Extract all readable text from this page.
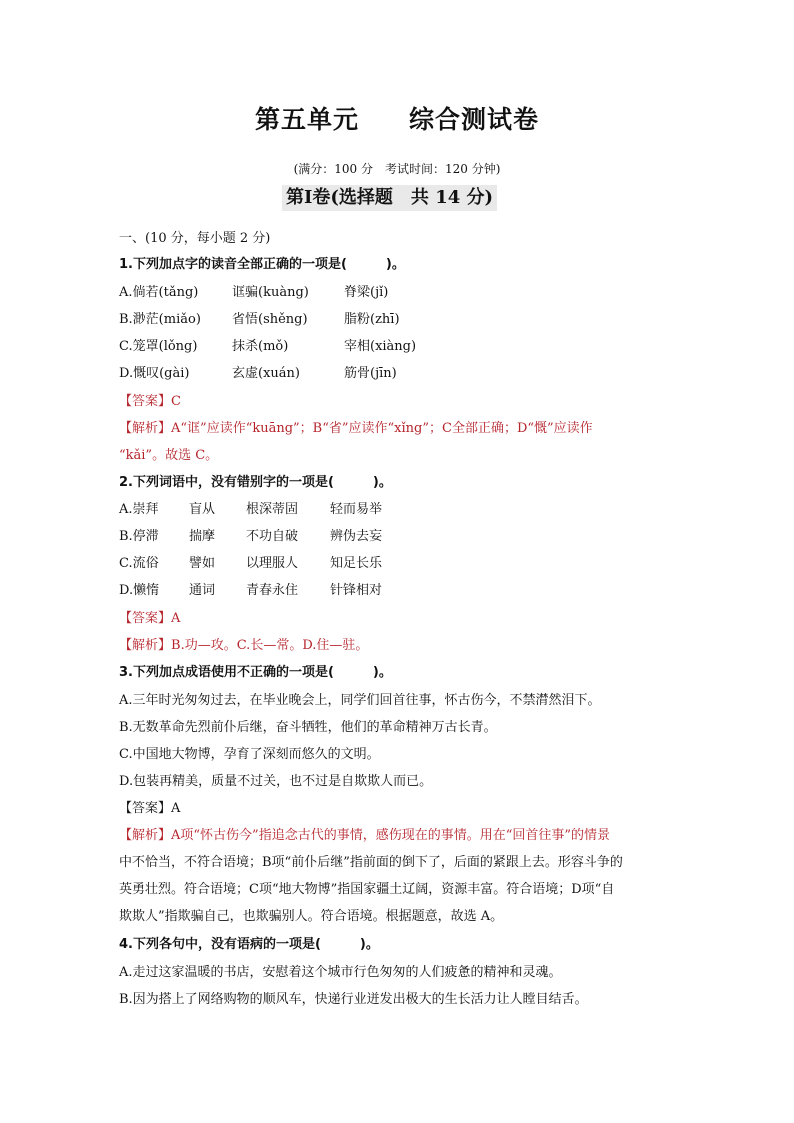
第五单元 综合测试卷
(满分：100 分　考试时间：120 分钟)
第Ⅰ卷(选择题　共 14 分)
一、(10 分，每小题 2 分)
1.下列加点字的读音全部正确的一项是(　　　)。
A.倘若(tǎng)	诓骗(kuàng)	脊梁(jǐ)
B.渺茫(miǎo) 省悟(shěng)	脂粉(zhī)
C.笼罩(lǒng)	抹杀(mǒ)	宰相(xiàng)
D.慨叹(gài)	玄虚(xuán)	筋骨(jīn)
【答案】C
【解析】A“诓”应读作“kuāng”；B“省”应读作“xǐng”；C全部正确；D“慨”应读作
“kǎi”。故选 C。
2.下列词语中，没有错别字的一项是(　　　)。
A.崇拜 盲从 根深蒂固 轻而易举
B.停滞 揣摩 不功自破 辨伪去妄
C.流俗 譬如 以理服人 知足长乐
D.懒惰 通词 青春永住 针锋相对
【答案】A
【解析】B.功—攻。C.长—常。D.住—驻。
3.下列加点成语使用不正确的一项是(　　　)。
A.三年时光匆匆过去，在毕业晚会上，同学们回首往事，怀古伤今，不禁潸然泪下。
B.无数革命先烈前仆后继，奋斗牺牲，他们的革命精神万古长青。
C.中国地大物博，孕育了深刻而悠久的文明。
D.包装再精美，质量不过关，也不过是自欺欺人而已。
【答案】A
【解析】A项“怀古伤今”指追念古代的事情，感伤现在的事情。用在“回首往事”的情景
中不恰当，不符合语境；B项“前仆后继”指前面的倒下了，后面的紧跟上去。形容斗争的
英勇壮烈。符合语境；C项“地大物博”指国家疆土辽阔，资源丰富。符合语境；D项“自
欺欺人”指欺骗自己，也欺骗别人。符合语境。根据题意，故选 A。
4.下列各句中，没有语病的一项是(　　　)。
A.走过这家温暖的书店，安慰着这个城市行色匆匆的人们疲惫的精神和灵魂。
B.因为搭上了网络购物的顺风车，快递行业迸发出极大的生长活力让人瞠目结舌。
